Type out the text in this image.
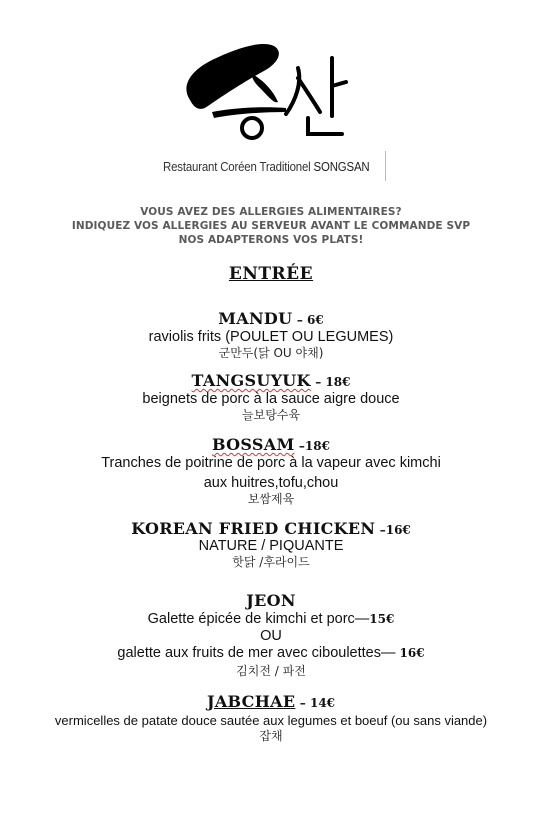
Restaurant Coréen Traditionel SONGSAN
VOUS AVEZ DES ALLERGIES ALIMENTAIRES?
INDIQUEZ VOS ALLERGIES AU SERVEUR AVANT LE COMMANDE SVP
NOS ADAPTERONS VOS PLATS!
ENTRÉE
MANDU – 6€
raviolis frits (POULET OU LEGUMES)
군만두(닭 OU 야채)
TANGSUYUK – 18€
beignets de porc à la sauce aigre douce
늘보탕수육
BOSSAM –18€
Tranches de poitrine de porc à la vapeur avec kimchi
aux huitres,tofu,chou
보쌈제육
KOREAN FRIED CHICKEN –16€
NATURE / PIQUANTE
핫닭 /후라이드
JEON
Galette épicée de kimchi et porc—15€
OU
galette aux fruits de mer avec ciboulettes— 16€
김치전 / 파전
JABCHAE – 14€
vermicelles de patate douce sautée aux legumes et boeuf (ou sans viande)
잡채
